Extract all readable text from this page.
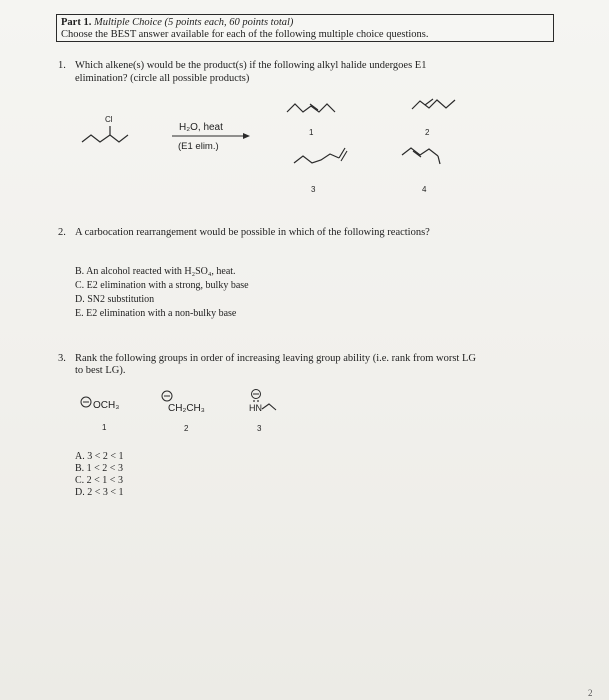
Part 1. Multiple Choice (5 points each, 60 points total)
Choose the BEST answer available for each of the following multiple choice questions.
1. Which alkene(s) would be the product(s) if the following alkyl halide undergoes E1
elimination? (circle all possible products)
Cl
H₂O, heat
(E1 elim.)
1	2
3	4
2. A carbocation rearrangement would be possible in which of the following reactions?
B. An alcohol reacted with H₂SO₄, heat.
C. E2 elimination with a strong, bulky base
D. SN2 substitution
E. E2 elimination with a non-bulky base
3. Rank the following groups in order of increasing leaving group ability (i.e. rank from worst LG
to best LG).
OCH₃
1
CH₂CH₃
2
HN
3
A. 3 < 2 < 1
B. 1 < 2 < 3
C. 2 < 1 < 3
D. 2 < 3 < 1
2
